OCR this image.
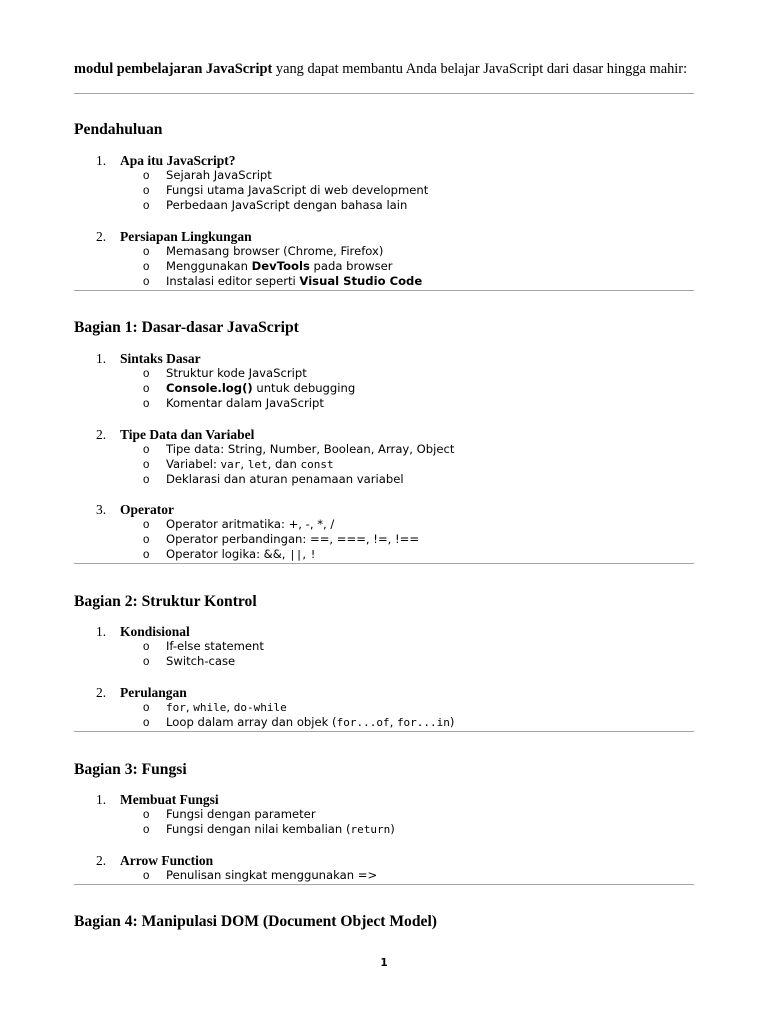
modul pembelajaran JavaScript yang dapat membantu Anda belajar JavaScript dari dasar hingga mahir:
Pendahuluan
1. Apa itu JavaScript?
o Sejarah JavaScript
o Fungsi utama JavaScript di web development
o Perbedaan JavaScript dengan bahasa lain
2. Persiapan Lingkungan
o Memasang browser (Chrome, Firefox)
o Menggunakan DevTools pada browser
o Instalasi editor seperti Visual Studio Code
Bagian 1: Dasar-dasar JavaScript
1. Sintaks Dasar
o Struktur kode JavaScript
o Console.log() untuk debugging
o Komentar dalam JavaScript
2. Tipe Data dan Variabel
o Tipe data: String, Number, Boolean, Array, Object
o Variabel: var, let, dan const
o Deklarasi dan aturan penamaan variabel
3. Operator
o Operator aritmatika: +, -, *, /
o Operator perbandingan: ==, ===, !=, !==
o Operator logika: &&, ||, !
Bagian 2: Struktur Kontrol
1. Kondisional
o If-else statement
o Switch-case
2. Perulangan
o for, while, do-while
o Loop dalam array dan objek (for...of, for...in)
Bagian 3: Fungsi
1. Membuat Fungsi
o Fungsi dengan parameter
o Fungsi dengan nilai kembalian (return)
2. Arrow Function
o Penulisan singkat menggunakan =>
Bagian 4: Manipulasi DOM (Document Object Model)
1
